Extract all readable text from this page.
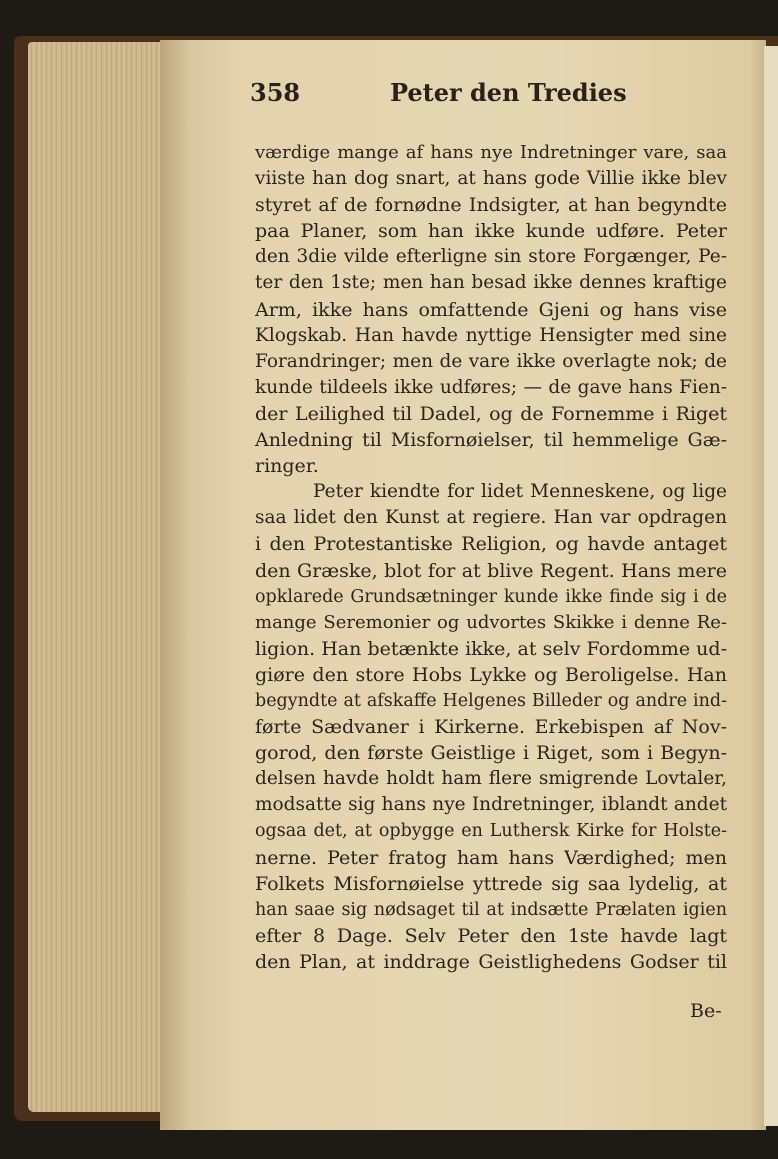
358	Peter den Tredies
værdige mange af hans nye Indretninger vare, saa
viiste han dog snart, at hans gode Villie ikke blev
styret af de fornødne Indsigter, at han begyndte
paa Planer, som han ikke kunde udføre. Peter
den 3die vilde efterligne sin store Forgænger, Pe-
ter den 1ste; men han besad ikke dennes kraftige
Arm, ikke hans omfattende Gjeni og hans vise
Klogskab. Han havde nyttige Hensigter med sine
Forandringer; men de vare ikke overlagte nok; de
kunde tildeels ikke udføres; — de gave hans Fien-
der Leilighed til Dadel, og de Fornemme i Riget
Anledning til Misfornøielser, til hemmelige Gæ-
ringer.
Peter kiendte for lidet Menneskene, og lige
saa lidet den Kunst at regiere. Han var opdragen
i den Protestantiske Religion, og havde antaget
den Græske, blot for at blive Regent. Hans mere
opklarede Grundsætninger kunde ikke finde sig i de
mange Seremonier og udvortes Skikke i denne Re-
ligion. Han betænkte ikke, at selv Fordomme ud-
giøre den store Hobs Lykke og Beroligelse. Han
begyndte at afskaffe Helgenes Billeder og andre ind-
førte Sædvaner i Kirkerne. Erkebispen af Nov-
gorod, den første Geistlige i Riget, som i Begyn-
delsen havde holdt ham flere smigrende Lovtaler,
modsatte sig hans nye Indretninger, iblandt andet
ogsaa det, at opbygge en Luthersk Kirke for Holste-
nerne. Peter fratog ham hans Værdighed; men
Folkets Misfornøielse yttrede sig saa lydelig, at
han saae sig nødsaget til at indsætte Prælaten igien
efter 8 Dage. Selv Peter den 1ste havde lagt
den Plan, at inddrage Geistlighedens Godser til
Be-
